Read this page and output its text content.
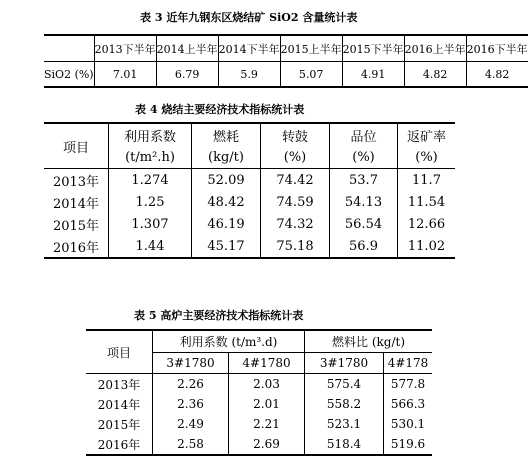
表 3 近年九钢东区烧结矿 SiO2 含量统计表
	2013下半年	2014上半年	2014下半年	2015上半年	2015下半年	2016上半年	2016下半年
SiO2 (%)	7.01	6.79	5.9	5.07	4.91	4.82	4.82
表 4 烧结主要经济技术指标统计表
项目	利用系数	燃耗	转鼓	品位	返矿率
	(t/m².h)	(kg/t)	(%)	(%)	(%)
2013年	1.274	52.09	74.42	53.7	11.7
2014年	1.25	48.42	74.59	54.13	11.54
2015年	1.307	46.19	74.32	56.54	12.66
2016年	1.44	45.17	75.18	56.9	11.02
表 5 高炉主要经济技术指标统计表
项目	利用系数 (t/m³.d)		燃料比 (kg/t)	
	3#1780	4#1780	3#1780	4#178
2013年	2.26	2.03	575.4	577.8
2014年	2.36	2.01	558.2	566.3
2015年	2.49	2.21	523.1	530.1
2016年	2.58	2.69	518.4	519.6
